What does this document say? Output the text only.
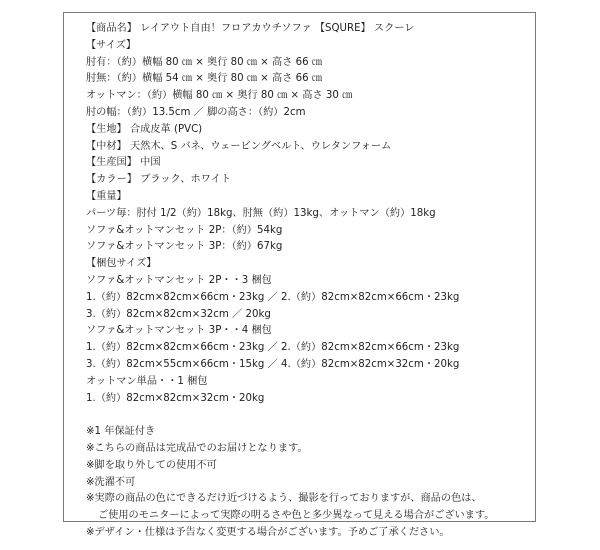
【商品名】 レイアウト自由！フロアカウチソファ 【SQURE】 スクーレ
【サイズ】
肘有：（約）横幅 80 ㎝ × 奥行 80 ㎝ × 高さ 66 ㎝
肘無：（約）横幅 54 ㎝ × 奥行 80 ㎝ × 高さ 66 ㎝
オットマン：（約）横幅 80 ㎝ × 奥行 80 ㎝ × 高さ 30 ㎝
肘の幅：（約）13.5cm ／ 脚の高さ：（約）2cm
【生地】 合成皮革 (PVC)
【中材】 天然木、S バネ、ウェービングベルト、ウレタンフォーム
【生産国】 中国
【カラー】 ブラック、ホワイト
【重量】
パーツ毎：肘付 1/2（約）18kg、肘無（約）13kg、オットマン（約）18kg
ソファ&オットマンセット 2P：（約）54kg
ソファ&オットマンセット 3P：（約）67kg
【梱包サイズ】
ソファ&オットマンセット 2P・・3 梱包
1.（約）82cm×82cm×66cm・23kg ／ 2.（約）82cm×82cm×66cm・23kg
3.（約）82cm×82cm×32cm ／ 20kg
ソファ&オットマンセット 3P・・4 梱包
1.（約）82cm×82cm×66cm・23kg ／ 2.（約）82cm×82cm×66cm・23kg
3.（約）82cm×55cm×66cm・15kg ／ 4.（約）82cm×82cm×32cm・20kg
オットマン単品・・1 梱包
1.（約）82cm×82cm×32cm・20kg
※1 年保証付き
※こちらの商品は完成品でのお届けとなります。
※脚を取り外しての使用不可
※洗濯不可
※実際の商品の色にできるだけ近づけるよう、撮影を行っておりますが、商品の色は、
ご使用のモニターによって実際の明るさや色と多少異なって見える場合がございます。
※デザイン・仕様は予告なく変更する場合がございます。予めご了承ください。
